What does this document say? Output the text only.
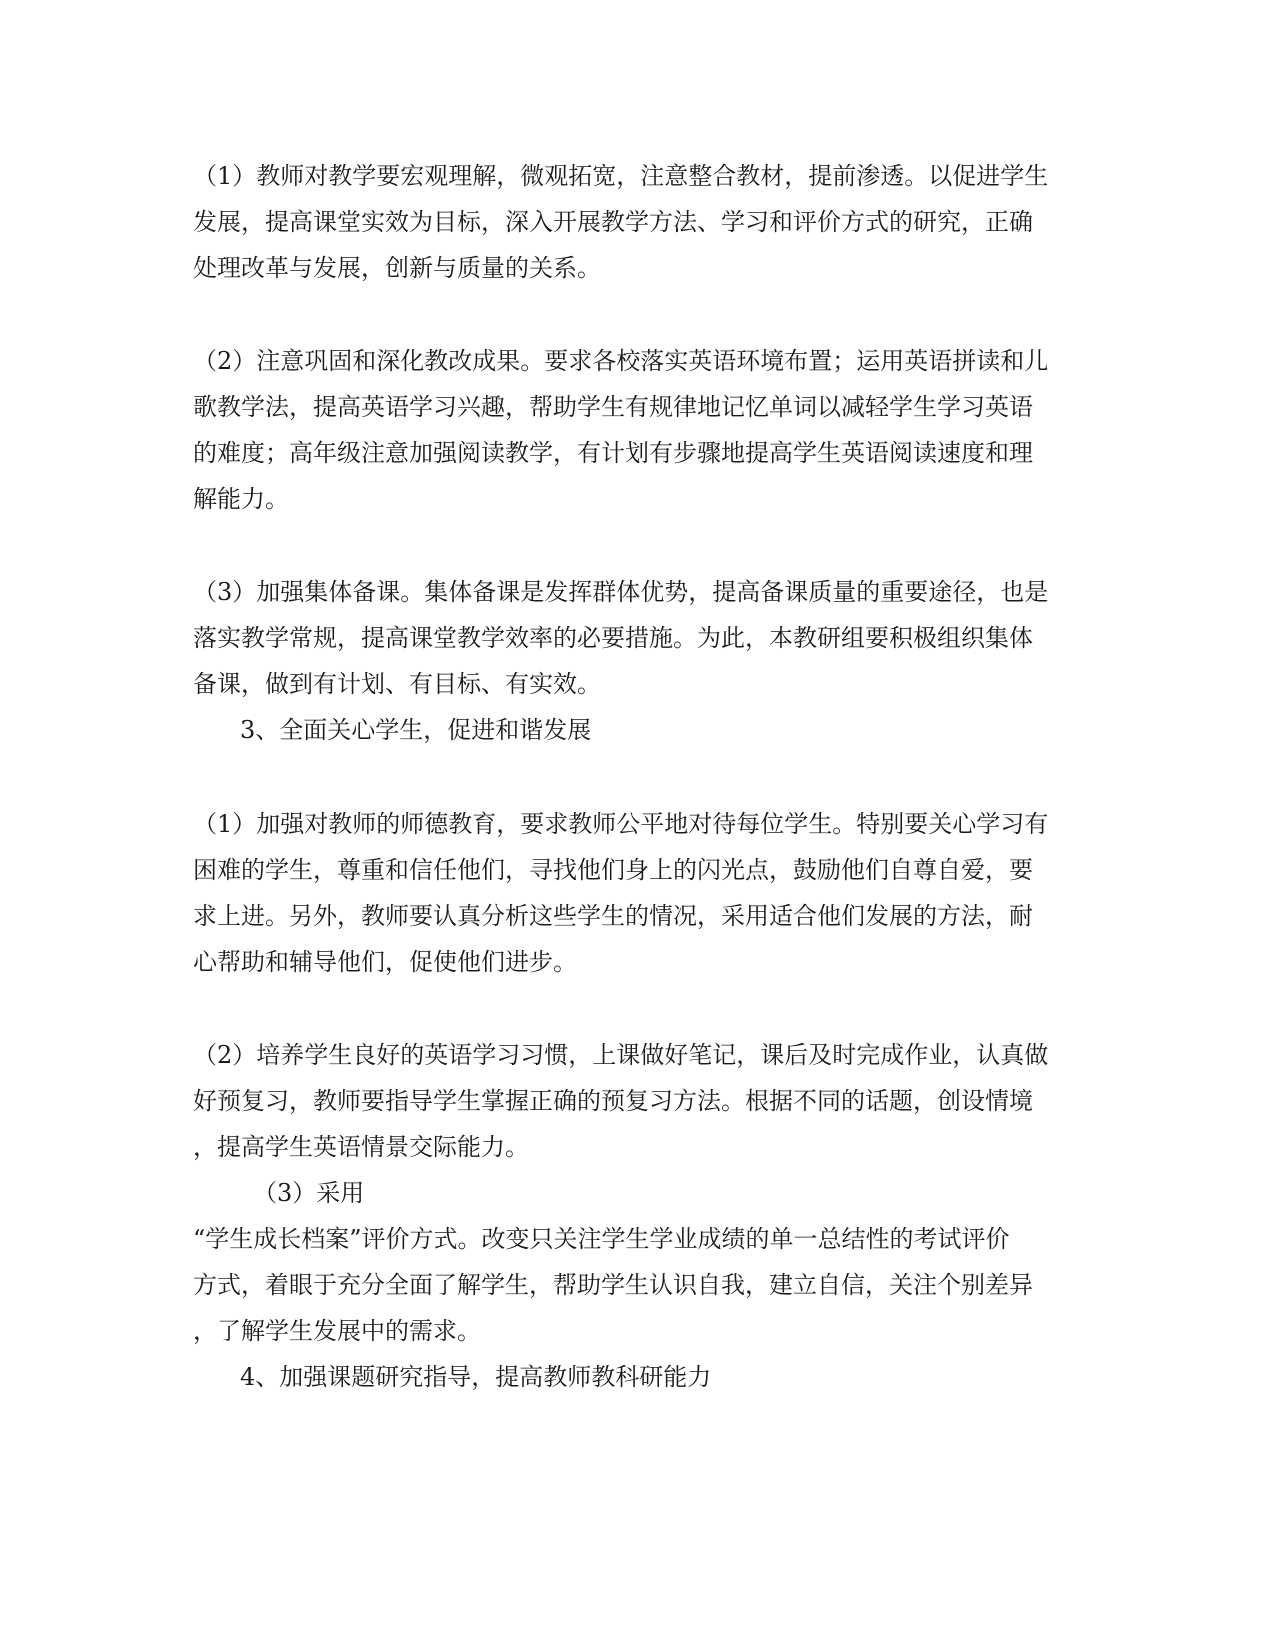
（1）教师对教学要宏观理解，微观拓宽，注意整合教材，提前渗透。以促进学生

发展，提高课堂实效为目标，深入开展教学方法、学习和评价方式的研究，正确

处理改革与发展，创新与质量的关系。

（2）注意巩固和深化教改成果。要求各校落实英语环境布置；运用英语拼读和儿

歌教学法，提高英语学习兴趣，帮助学生有规律地记忆单词以减轻学生学习英语

的难度；高年级注意加强阅读教学，有计划有步骤地提高学生英语阅读速度和理

解能力。

（3）加强集体备课。集体备课是发挥群体优势，提高备课质量的重要途径，也是

落实教学常规，提高课堂教学效率的必要措施。为此，本教研组要积极组织集体

备课，做到有计划、有目标、有实效。

3、全面关心学生，促进和谐发展

（1）加强对教师的师德教育，要求教师公平地对待每位学生。特别要关心学习有

困难的学生，尊重和信任他们，寻找他们身上的闪光点，鼓励他们自尊自爱，要

求上进。另外，教师要认真分析这些学生的情况，采用适合他们发展的方法，耐

心帮助和辅导他们，促使他们进步。

（2）培养学生良好的英语学习习惯，上课做好笔记，课后及时完成作业，认真做

好预复习，教师要指导学生掌握正确的预复习方法。根据不同的话题，创设情境

，提高学生英语情景交际能力。

（3）采用

“学生成长档案”评价方式。改变只关注学生学业成绩的单一总结性的考试评价

方式，着眼于充分全面了解学生，帮助学生认识自我，建立自信，关注个别差异

，了解学生发展中的需求。

4、加强课题研究指导，提高教师教科研能力
